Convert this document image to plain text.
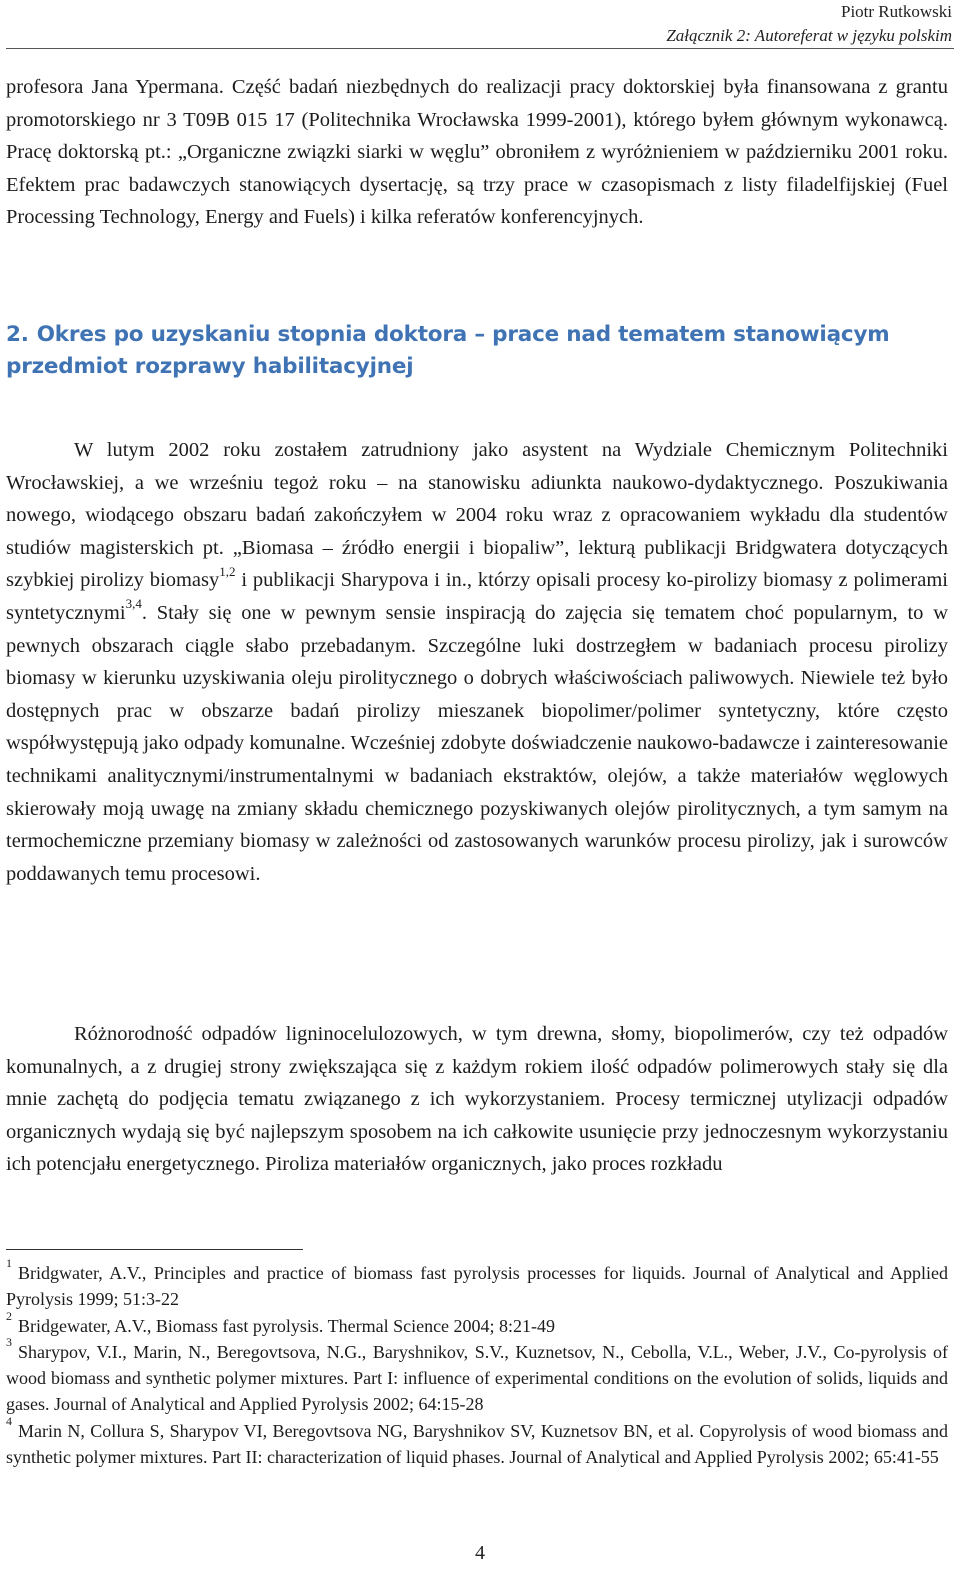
Piotr Rutkowski
Załącznik 2: Autoreferat w języku polskim

profesora Jana Ypermana. Część badań niezbędnych do realizacji pracy doktorskiej była finansowana z grantu promotorskiego nr 3 T09B 015 17 (Politechnika Wrocławska 1999-2001), którego byłem głównym wykonawcą. Pracę doktorską pt.: „Organiczne związki siarki w węglu” obroniłem z wyróżnieniem w październiku 2001 roku. Efektem prac badawczych stanowiących dysertację, są trzy prace w czasopismach z listy filadelfijskiej (Fuel Processing Technology, Energy and Fuels) i kilka referatów konferencyjnych.

2. Okres po uzyskaniu stopnia doktora – prace nad tematem stanowiącym przedmiot rozprawy habilitacyjnej

W lutym 2002 roku zostałem zatrudniony jako asystent na Wydziale Chemicznym Politechniki Wrocławskiej, a we wrześniu tegoż roku – na stanowisku adiunkta naukowo-dydaktycznego. Poszukiwania nowego, wiodącego obszaru badań zakończyłem w 2004 roku wraz z opracowaniem wykładu dla studentów studiów magisterskich pt. „Biomasa – źródło energii i biopaliw”, lekturą publikacji Bridgwatera dotyczących szybkiej pirolizy biomasy$^{1,2}$ i publikacji Sharypova i in., którzy opisali procesy ko-pirolizy biomasy z polimerami syntetycznymi$^{3,4}$. Stały się one w pewnym sensie inspiracją do zajęcia się tematem choć popularnym, to w pewnych obszarach ciągle słabo przebadanym. Szczególne luki dostrzegłem w badaniach procesu pirolizy biomasy w kierunku uzyskiwania oleju pirolitycznego o dobrych właściwościach paliwowych. Niewiele też było dostępnych prac w obszarze badań pirolizy mieszanek biopolimer/polimer syntetyczny, które często współwystępują jako odpady komunalne. Wcześniej zdobyte doświadczenie naukowo-badawcze i zainteresowanie technikami analitycznymi/instrumentalnymi w badaniach ekstraktów, olejów, a także materiałów węglowych skierowały moją uwagę na zmiany składu chemicznego pozyskiwanych olejów pirolitycznych, a tym samym na termochemiczne przemiany biomasy w zależności od zastosowanych warunków procesu pirolizy, jak i surowców poddawanych temu procesowi.

Różnorodność odpadów ligninocelulozowych, w tym drewna, słomy, biopolimerów, czy też odpadów komunalnych, a z drugiej strony zwiększająca się z każdym rokiem ilość odpadów polimerowych stały się dla mnie zachętą do podjęcia tematu związanego z ich wykorzystaniem. Procesy termicznej utylizacji odpadów organicznych wydają się być najlepszym sposobem na ich całkowite usunięcie przy jednoczesnym wykorzystaniu ich potencjału energetycznego. Piroliza materiałów organicznych, jako proces rozkładu

$^1$ Bridgwater, A.V., Principles and practice of biomass fast pyrolysis processes for liquids. Journal of Analytical and Applied Pyrolysis 1999; 51:3-22

$^2$ Bridgewater, A.V., Biomass fast pyrolysis. Thermal Science 2004; 8:21-49

$^3$ Sharypov, V.I., Marin, N., Beregovtsova, N.G., Baryshnikov, S.V., Kuznetsov, N., Cebolla, V.L., Weber, J.V., Co-pyrolysis of wood biomass and synthetic polymer mixtures. Part I: influence of experimental conditions on the evolution of solids, liquids and gases. Journal of Analytical and Applied Pyrolysis 2002; 64:15-28

$^4$ Marin N, Collura S, Sharypov VI, Beregovtsova NG, Baryshnikov SV, Kuznetsov BN, et al. Copyrolysis of wood biomass and synthetic polymer mixtures. Part II: characterization of liquid phases. Journal of Analytical and Applied Pyrolysis 2002; 65:41-55

4
